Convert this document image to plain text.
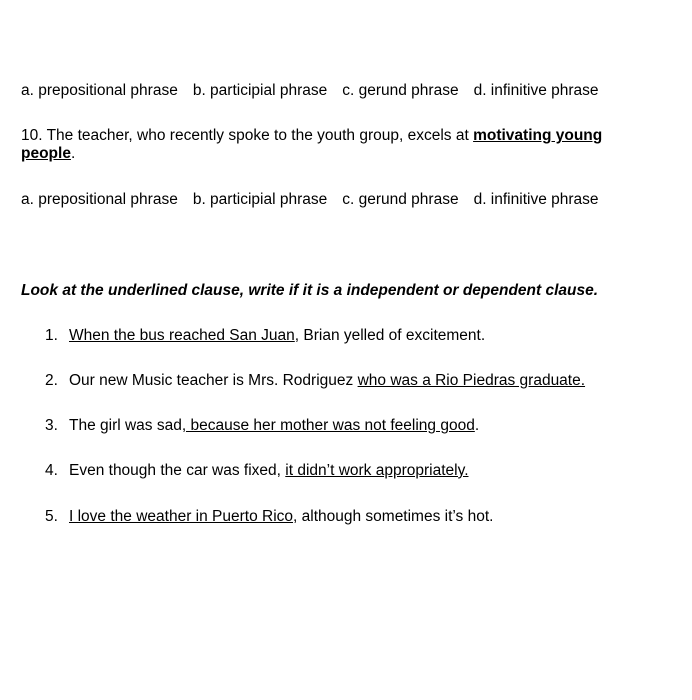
a. prepositional phrase b. participial phrase c. gerund phrase d. infinitive phrase
10. The teacher, who recently spoke to the youth group, excels at motivating young people.
a. prepositional phrase b. participial phrase c. gerund phrase d. infinitive phrase
Look at the underlined clause, write if it is a independent or dependent clause.
1. When the bus reached San Juan, Brian yelled of excitement.
2. Our new Music teacher is Mrs. Rodriguez who was a Rio Piedras graduate.
3. The girl was sad, because her mother was not feeling good.
4. Even though the car was fixed, it didn’t work appropriately.
5. I love the weather in Puerto Rico, although sometimes it’s hot.
